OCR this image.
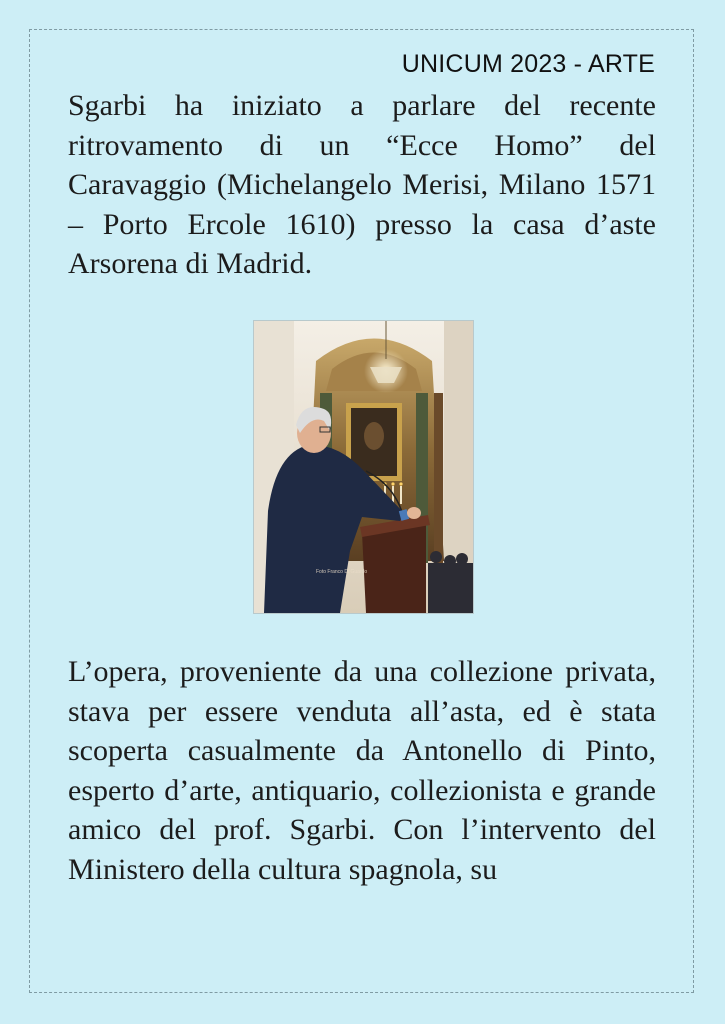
UNICUM 2023 - ARTE

Sgarbi ha iniziato a parlare del recente ritrovamento di un “Ecce Homo” del Caravaggio (Michelangelo Merisi, Milano 1571 – Porto Ercole 1610) presso la casa d’aste Arsorena di Madrid.

Foto Franco Di Guardo

L’opera, proveniente da una collezione privata, stava per essere venduta all’asta, ed è stata scoperta casualmente da Antonello di Pinto, esperto d’arte, antiquario, collezionista e grande amico del prof. Sgarbi. Con l’intervento del Ministero della cultura spagnola, su
